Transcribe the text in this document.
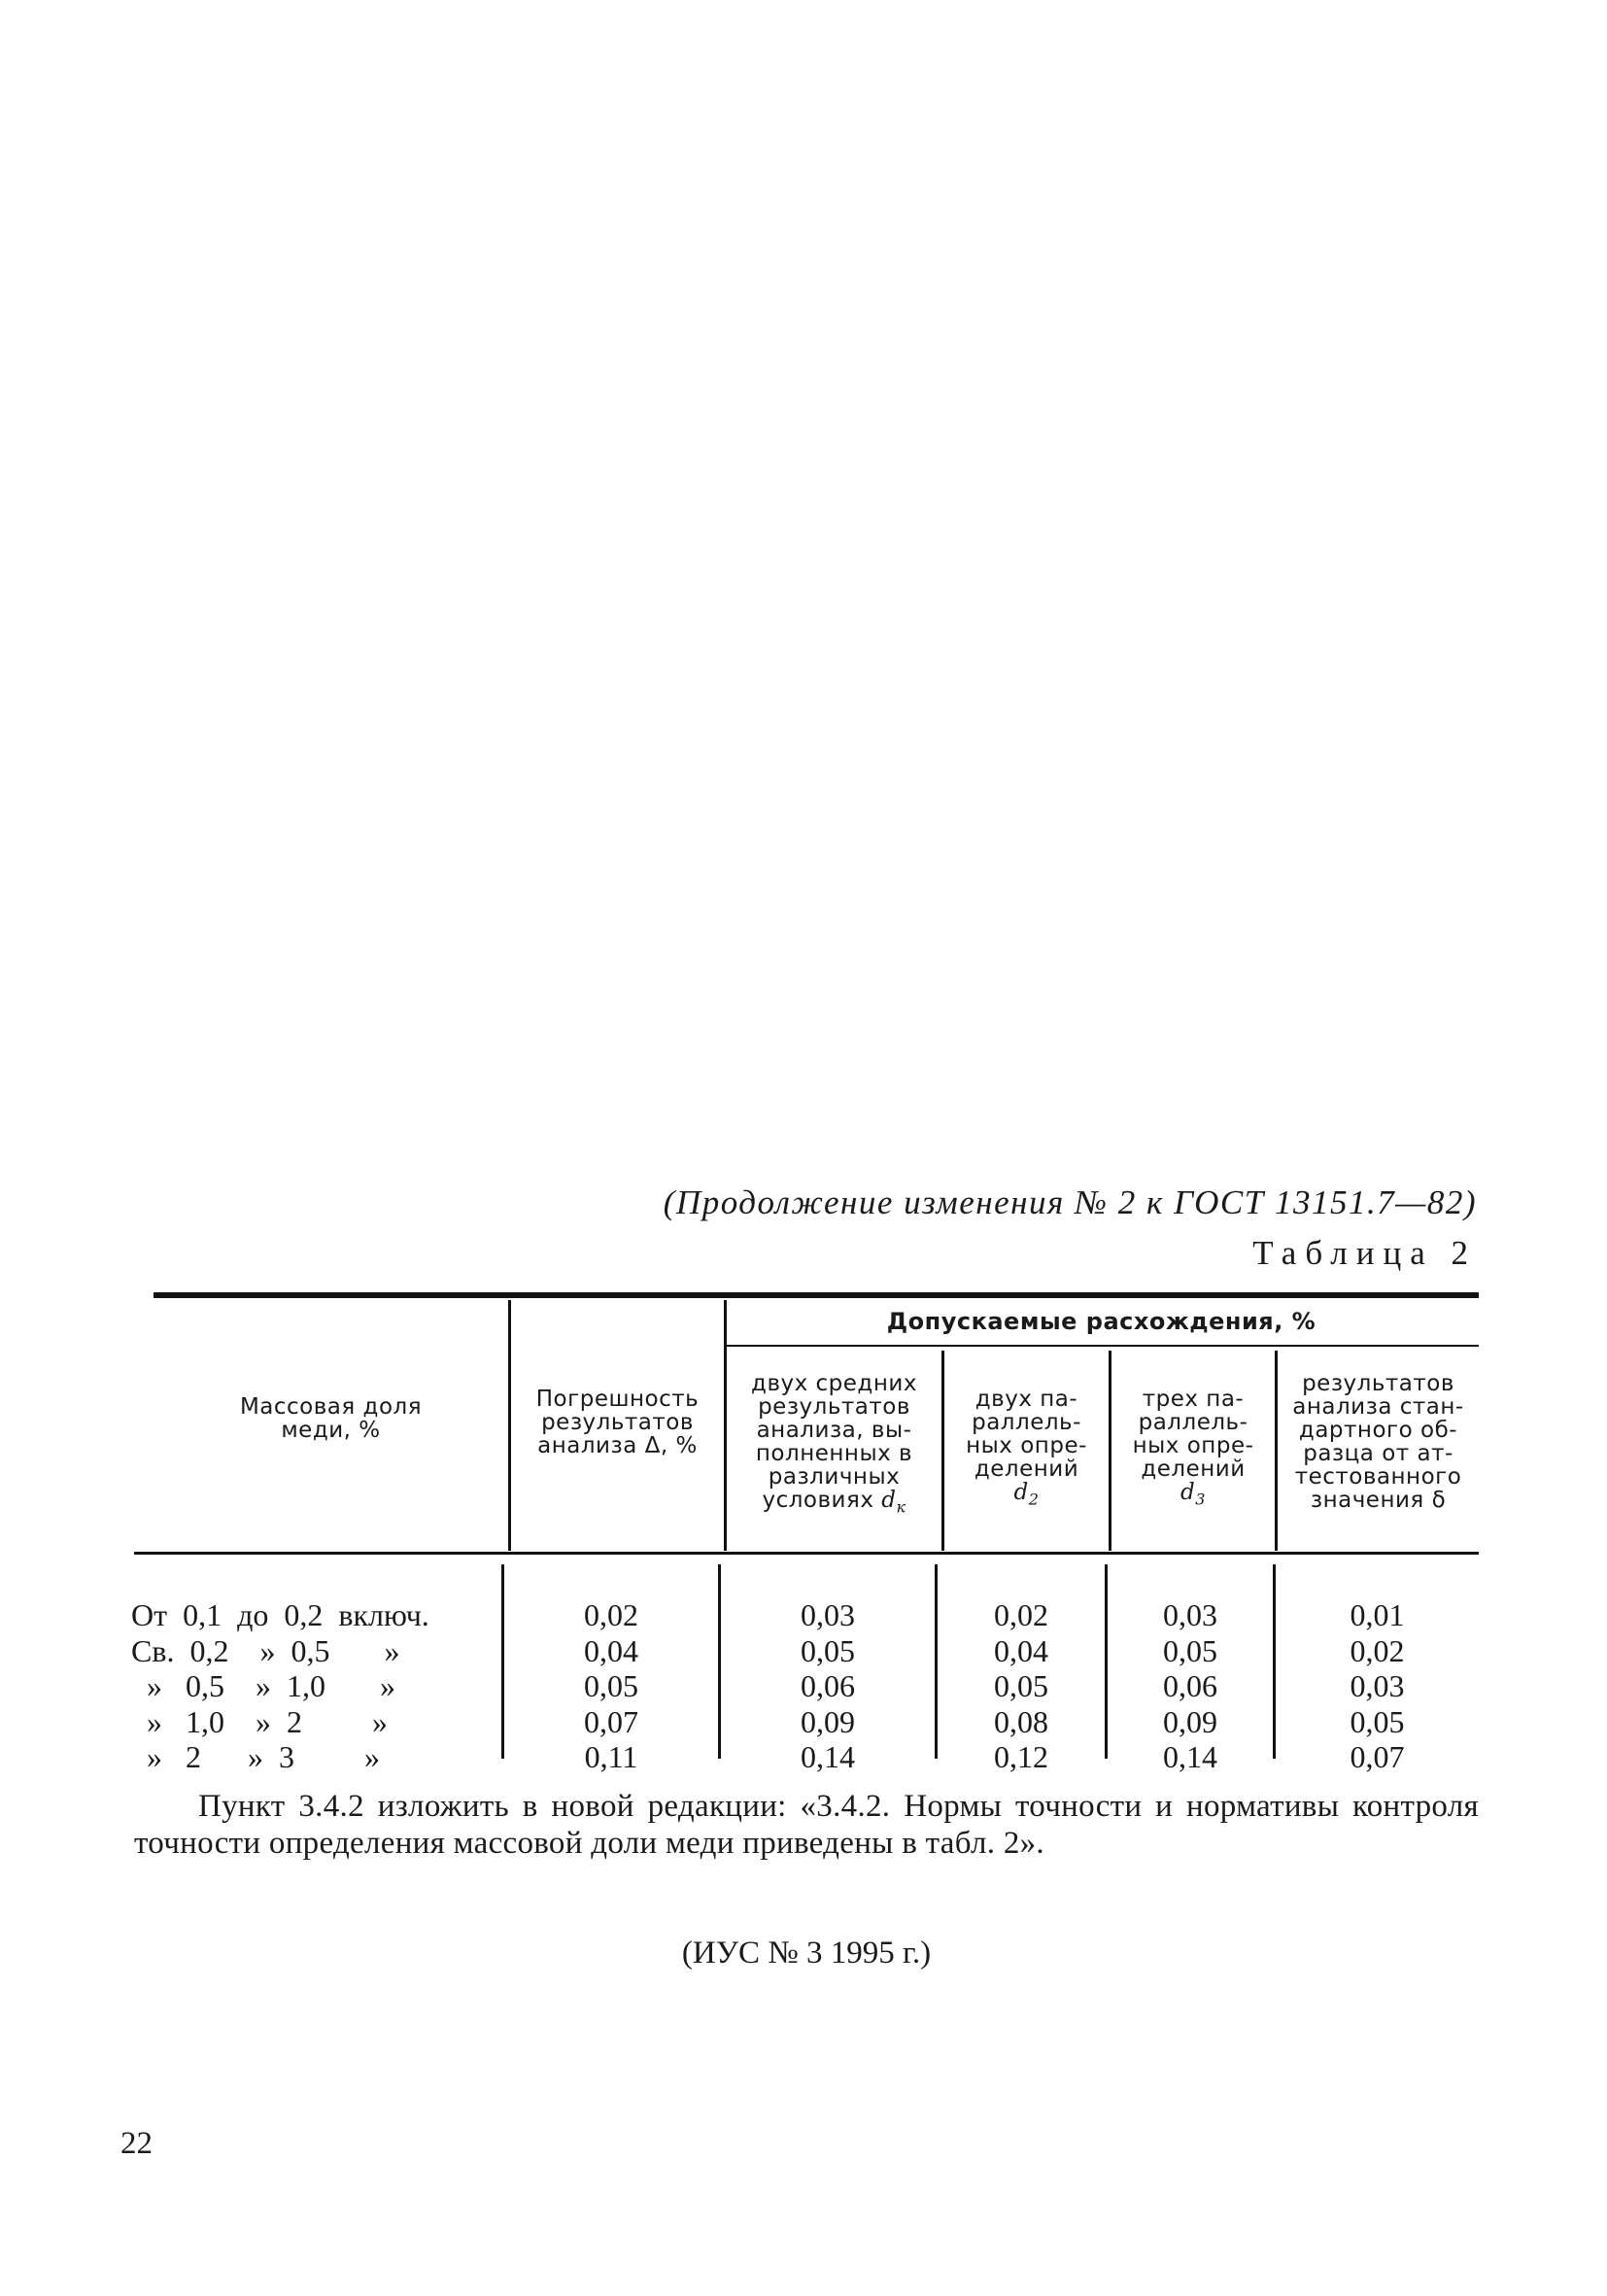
(Продолжение изменения № 2 к ГОСТ 13151.7—82)
Таблица 2
Массовая доля
меди, %
Погрешность
результатов
анализа Δ, %
Допускаемые расхождения, %
двух средних
результатов
анализа, вы-
полненных в
различных
условиях $d_к$
двух па-
раллель-
ных опре-
делений
$d_2$
трех па-
раллель-
ных опре-
делений
$d_3$
результатов
анализа стан-
дартного об-
разца от ат-
тестованного
значения δ
От  0,1  до  0,2  включ.
Св.  0,2    »  0,5       »
»   0,5    »  1,0       »
»   1,0    »  2         »
»   2      »  3         »
0,02
0,04
0,05
0,07
0,11
0,03
0,05
0,06
0,09
0,14
0,02
0,04
0,05
0,08
0,12
0,03
0,05
0,06
0,09
0,14
0,01
0,02
0,03
0,05
0,07
Пункт 3.4.2 изложить в новой редакции: «3.4.2. Нормы точности и нормативы контроля точности определения массовой доли меди приведены в табл. 2».
(ИУС № 3 1995 г.)
22
